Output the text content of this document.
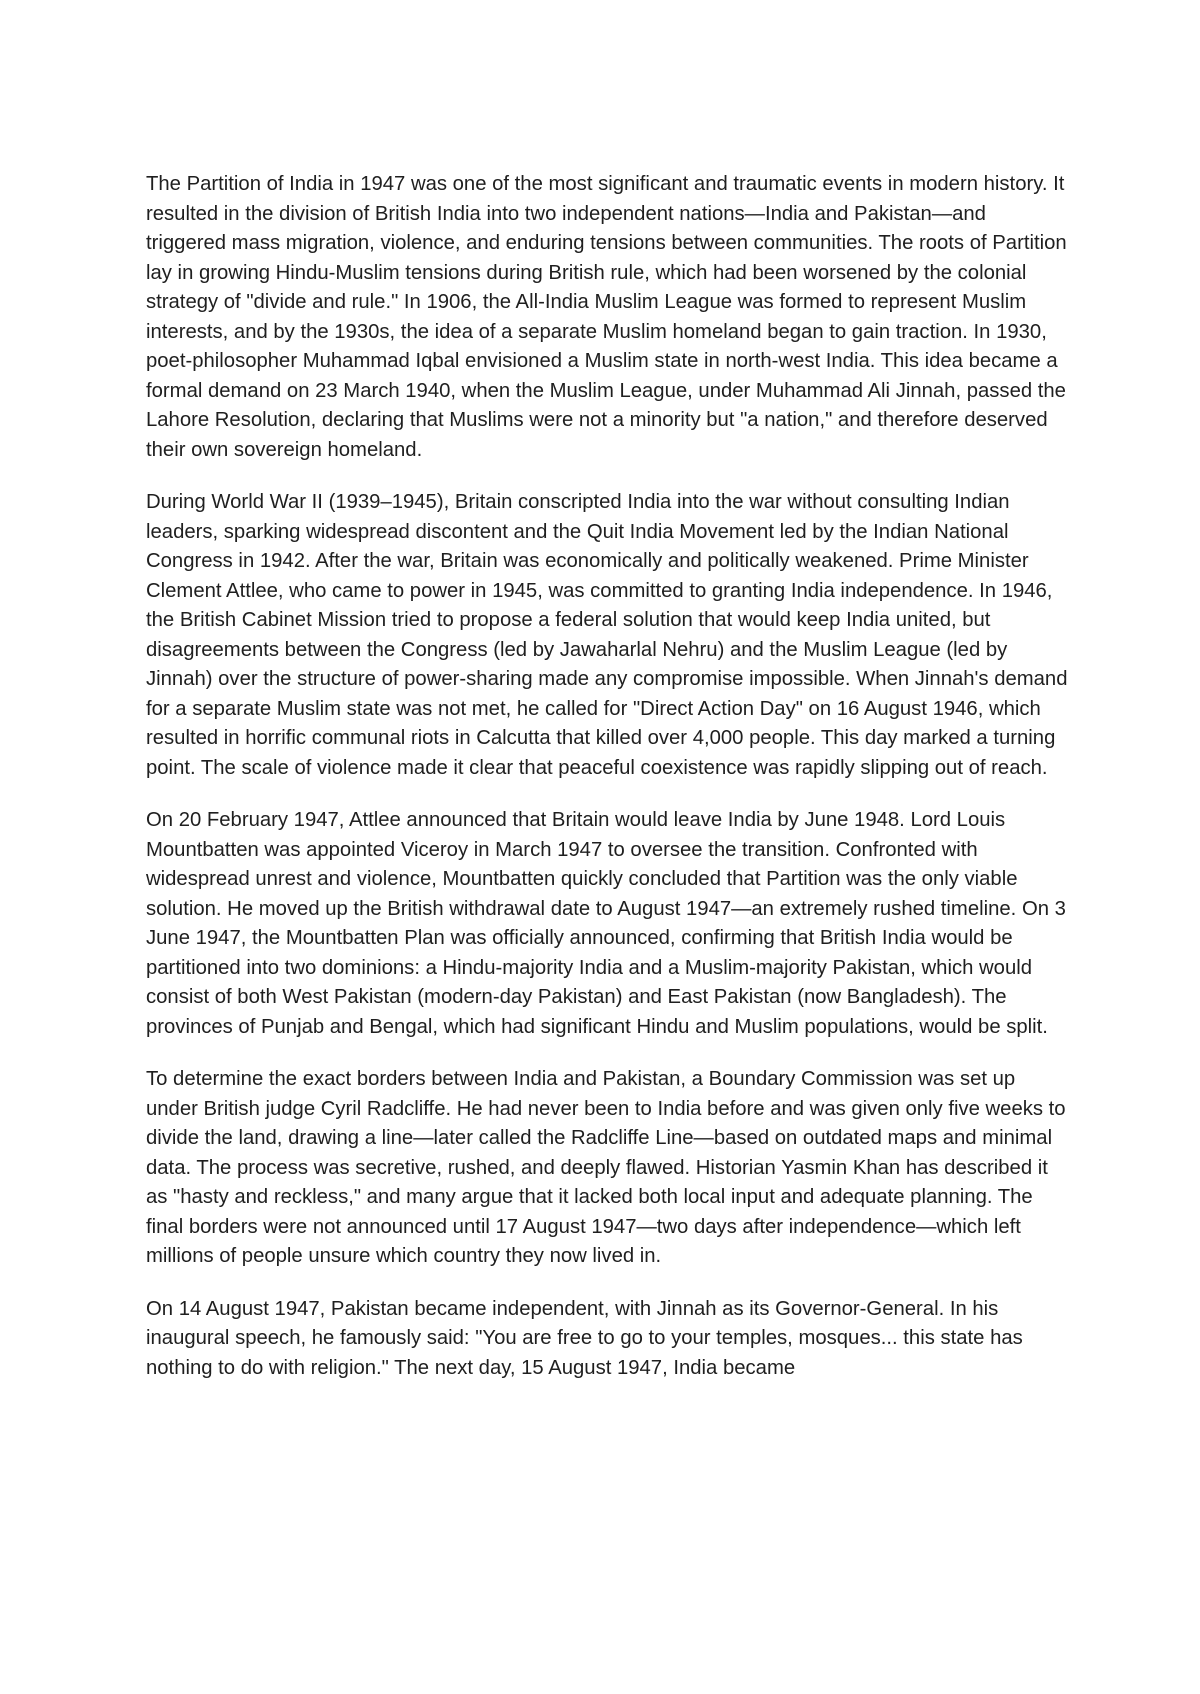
The Partition of India in 1947 was one of the most significant and traumatic events in modern history. It resulted in the division of British India into two independent nations—India and Pakistan—and triggered mass migration, violence, and enduring tensions between communities. The roots of Partition lay in growing Hindu-Muslim tensions during British rule, which had been worsened by the colonial strategy of "divide and rule." In 1906, the All-India Muslim League was formed to represent Muslim interests, and by the 1930s, the idea of a separate Muslim homeland began to gain traction. In 1930, poet-philosopher Muhammad Iqbal envisioned a Muslim state in north-west India. This idea became a formal demand on 23 March 1940, when the Muslim League, under Muhammad Ali Jinnah, passed the Lahore Resolution, declaring that Muslims were not a minority but "a nation," and therefore deserved their own sovereign homeland.

During World War II (1939–1945), Britain conscripted India into the war without consulting Indian leaders, sparking widespread discontent and the Quit India Movement led by the Indian National Congress in 1942. After the war, Britain was economically and politically weakened. Prime Minister Clement Attlee, who came to power in 1945, was committed to granting India independence. In 1946, the British Cabinet Mission tried to propose a federal solution that would keep India united, but disagreements between the Congress (led by Jawaharlal Nehru) and the Muslim League (led by Jinnah) over the structure of power-sharing made any compromise impossible. When Jinnah's demand for a separate Muslim state was not met, he called for "Direct Action Day" on 16 August 1946, which resulted in horrific communal riots in Calcutta that killed over 4,000 people. This day marked a turning point. The scale of violence made it clear that peaceful coexistence was rapidly slipping out of reach.

On 20 February 1947, Attlee announced that Britain would leave India by June 1948. Lord Louis Mountbatten was appointed Viceroy in March 1947 to oversee the transition. Confronted with widespread unrest and violence, Mountbatten quickly concluded that Partition was the only viable solution. He moved up the British withdrawal date to August 1947—an extremely rushed timeline. On 3 June 1947, the Mountbatten Plan was officially announced, confirming that British India would be partitioned into two dominions: a Hindu-majority India and a Muslim-majority Pakistan, which would consist of both West Pakistan (modern-day Pakistan) and East Pakistan (now Bangladesh). The provinces of Punjab and Bengal, which had significant Hindu and Muslim populations, would be split.

To determine the exact borders between India and Pakistan, a Boundary Commission was set up under British judge Cyril Radcliffe. He had never been to India before and was given only five weeks to divide the land, drawing a line—later called the Radcliffe Line—based on outdated maps and minimal data. The process was secretive, rushed, and deeply flawed. Historian Yasmin Khan has described it as "hasty and reckless," and many argue that it lacked both local input and adequate planning. The final borders were not announced until 17 August 1947—two days after independence—which left millions of people unsure which country they now lived in.

On 14 August 1947, Pakistan became independent, with Jinnah as its Governor-General. In his inaugural speech, he famously said: "You are free to go to your temples, mosques... this state has nothing to do with religion." The next day, 15 August 1947, India became
